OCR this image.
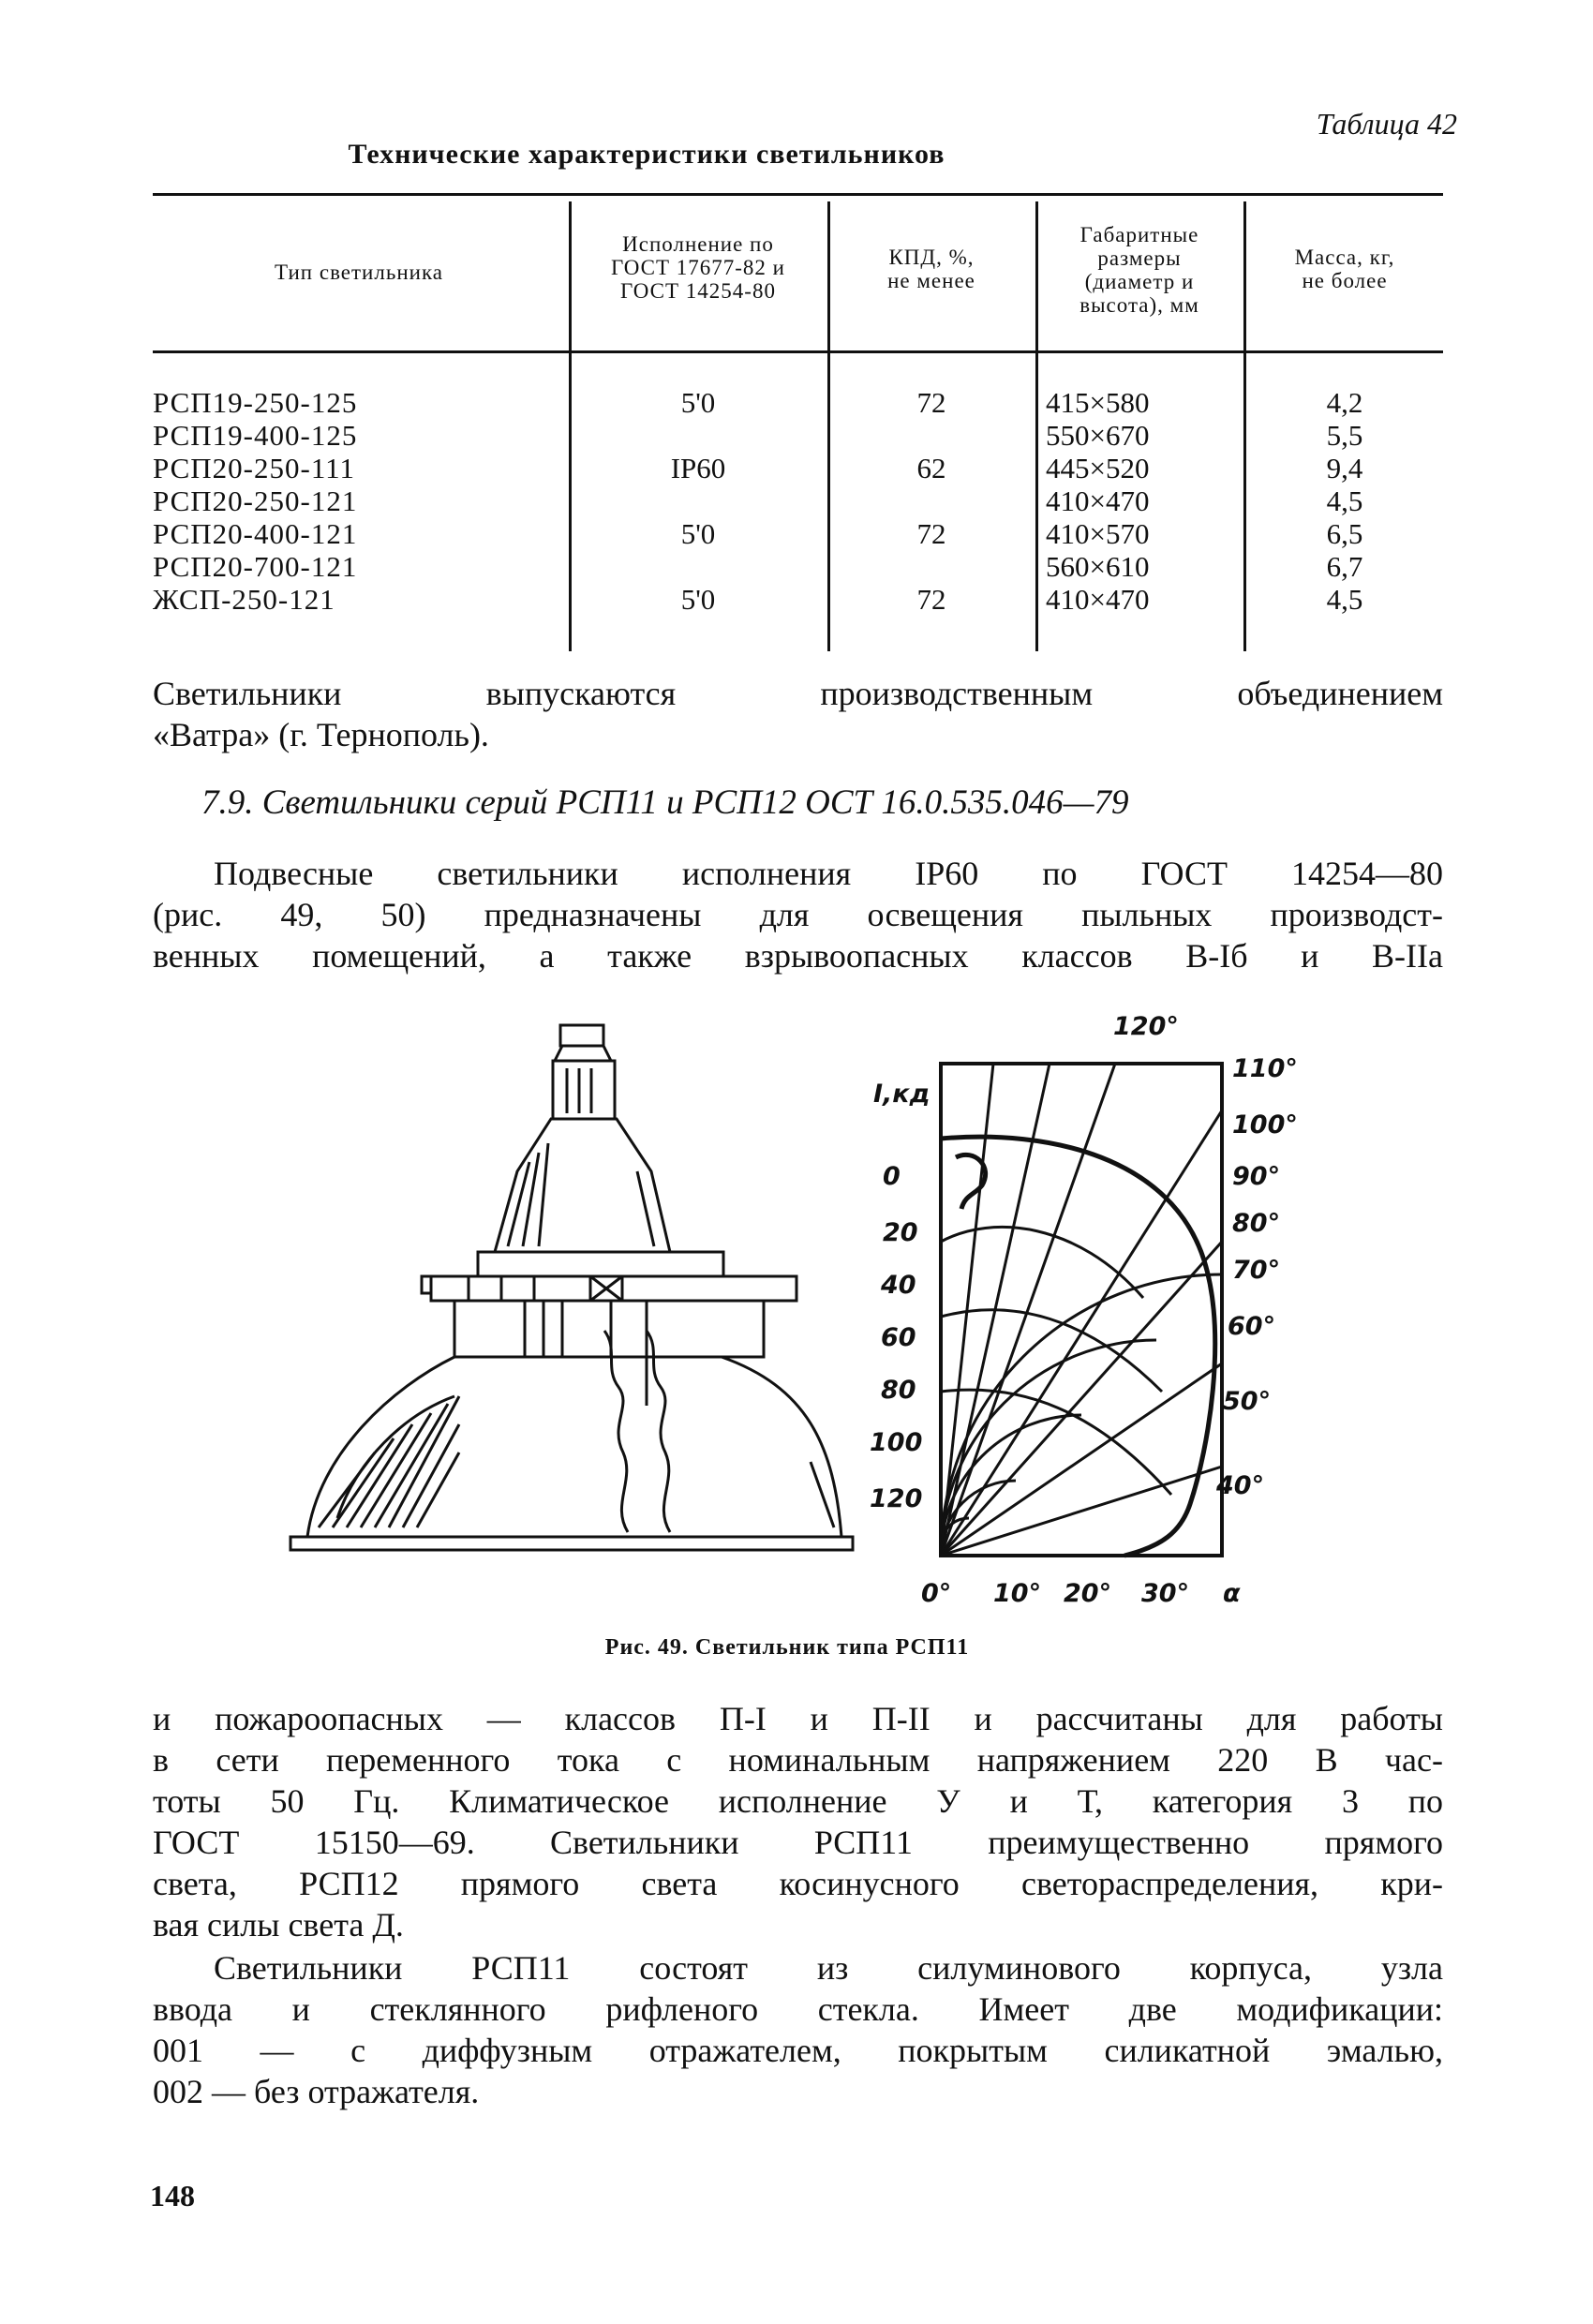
Таблица 42
Технические характеристики светильников
Тип светильника
Исполнение по
ГОСТ 17677-82 и
ГОСТ 14254-80
КПД, %,
не менее
Габаритные
размеры
(диаметр и
высота), мм
Масса, кг,
не более
РСП19-250-125
РСП19-400-125
РСП20-250-111
РСП20-250-121
РСП20-400-121
РСП20-700-121
ЖСП-250-121
5'0

IP60

5'0

5'0
72

62

72

72
415×580
550×670
445×520
410×470
410×570
560×610
410×470
4,2
5,5
9,4
4,5
6,5
6,7
4,5
Светильники выпускаются производственным объединением
«Ватра» (г. Тернополь).
7.9. Светильники серий РСП11 и РСП12 ОСТ 16.0.535.046—79
Подвесные светильники исполнения IP60 по ГОСТ 14254—80
(рис. 49, 50) предназначены для освещения пыльных производст-
венных помещений, а также взрывоопасных классов В-Iб и В-IIа
120°
I,кд
0
20
40
60
80
100
120
110°
100°
90°
80°
70°
60°
50°
40°
0° 10° 20° 30° α
Рис. 49. Светильник типа РСП11
и пожароопасных — классов П-I и П-II и рассчитаны для работы
в сети переменного тока с номинальным напряжением 220 В час-
тоты 50 Гц. Климатическое исполнение У и Т, категория 3 по
ГОСТ 15150—69. Светильники РСП11 преимущественно прямого
света, РСП12 прямого света косинусного светораспределения, кри-
вая силы света Д.
Светильники РСП11 состоят из силуминового корпуса, узла
ввода и стеклянного рифленого стекла. Имеет две модификации:
001 — с диффузным отражателем, покрытым силикатной эмалью,
002 — без отражателя.
148
